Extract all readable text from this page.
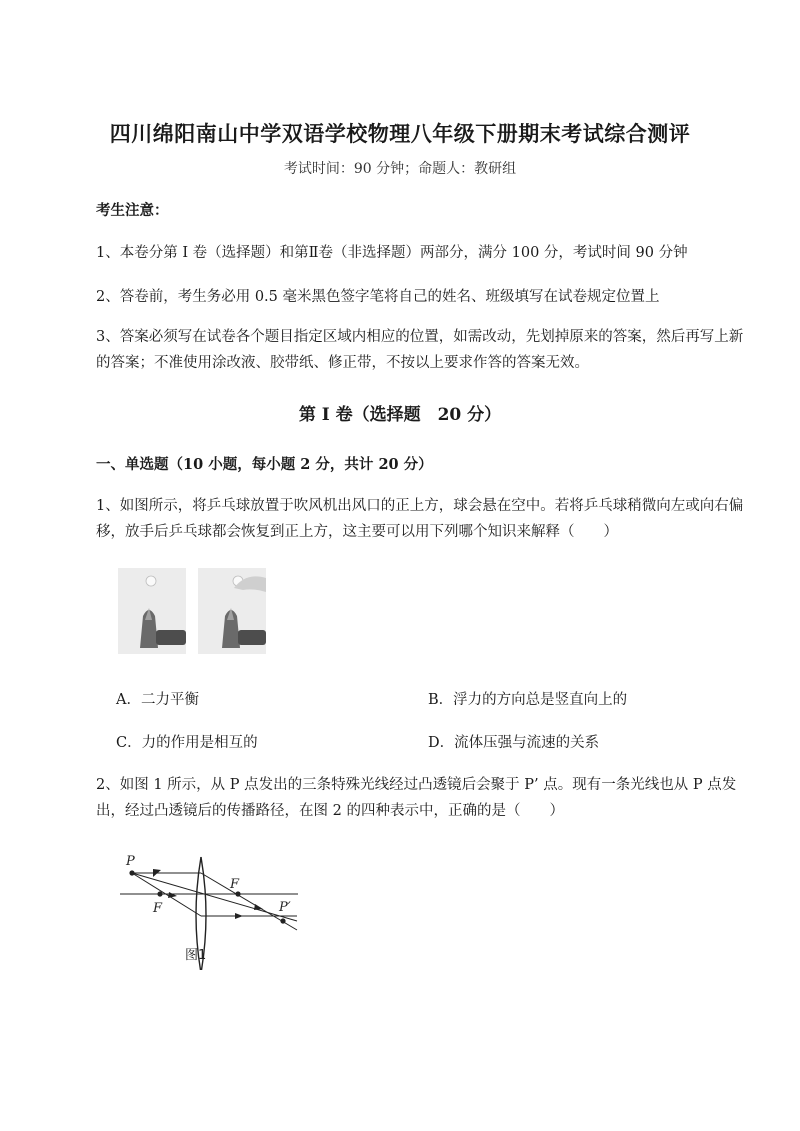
四川绵阳南山中学双语学校物理八年级下册期末考试综合测评
考试时间：90 分钟；命题人：教研组
考生注意：
1、本卷分第 I 卷（选择题）和第Ⅱ卷（非选择题）两部分，满分 100 分，考试时间 90 分钟
2、答卷前，考生务必用 0.5 毫米黑色签字笔将自己的姓名、班级填写在试卷规定位置上
3、答案必须写在试卷各个题目指定区域内相应的位置，如需改动，先划掉原来的答案，然后再写上新的答案；不准使用涂改液、胶带纸、修正带，不按以上要求作答的答案无效。
第 I 卷（选择题　20 分）
一、单选题（10 小题，每小题 2 分，共计 20 分）
1、如图所示，将乒乓球放置于吹风机出风口的正上方，球会悬在空中。若将乒乓球稍微向左或向右偏移，放手后乒乓球都会恢复到正上方，这主要可以用下列哪个知识来解释（　　）
A．二力平衡	B．浮力的方向总是竖直向上的
C．力的作用是相互的	D．流体压强与流速的关系
2、如图 1 所示，从 P 点发出的三条特殊光线经过凸透镜后会聚于 P’ 点。现有一条光线也从 P 点发出，经过凸透镜后的传播路径，在图 2 的四种表示中，正确的是（　　）
P
F
F
P′
图1
